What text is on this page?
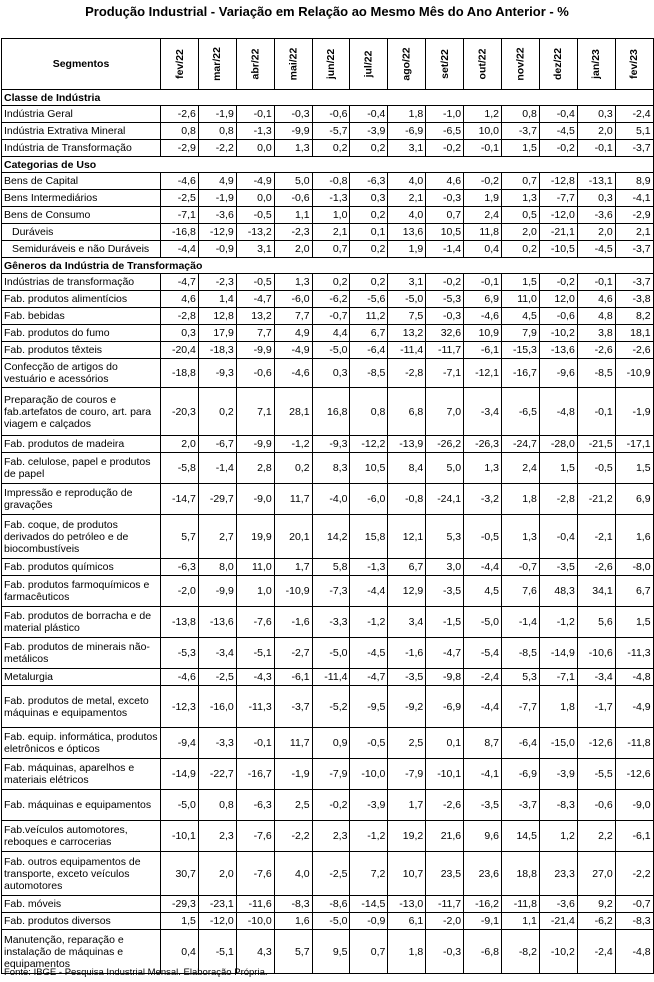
Produção Industrial - Variação em Relação ao Mesmo Mês do Ano Anterior - %
Segmentos	fev/22	mar/22	abr/22	mai/22	jun/22	jul/22	ago/22	set/22	out/22	nov/22	dez/22	jan/23	fev/23
Classe de Indústria													
Indústria Geral	-2,6	-1,9	-0,1	-0,3	-0,6	-0,4	1,8	-1,0	1,2	0,8	-0,4	0,3	-2,4
Indústria Extrativa Mineral	0,8	0,8	-1,3	-9,9	-5,7	-3,9	-6,9	-6,5	10,0	-3,7	-4,5	2,0	5,1
Indústria de Transformação	-2,9	-2,2	0,0	1,3	0,2	0,2	3,1	-0,2	-0,1	1,5	-0,2	-0,1	-3,7
Categorias de Uso													
Bens de Capital	-4,6	4,9	-4,9	5,0	-0,8	-6,3	4,0	4,6	-0,2	0,7	-12,8	-13,1	8,9
Bens Intermediários	-2,5	-1,9	0,0	-0,6	-1,3	0,3	2,1	-0,3	1,9	1,3	-7,7	0,3	-4,1
Bens de Consumo	-7,1	-3,6	-0,5	1,1	1,0	0,2	4,0	0,7	2,4	0,5	-12,0	-3,6	-2,9
Duráveis	-16,8	-12,9	-13,2	-2,3	2,1	0,1	13,6	10,5	11,8	2,0	-21,1	2,0	2,1
Semiduráveis e não Duráveis	-4,4	-0,9	3,1	2,0	0,7	0,2	1,9	-1,4	0,4	0,2	-10,5	-4,5	-3,7
Gêneros da Indústria de Transformação													
Indústrias de transformação	-4,7	-2,3	-0,5	1,3	0,2	0,2	3,1	-0,2	-0,1	1,5	-0,2	-0,1	-3,7
Fab. produtos alimentícios	4,6	1,4	-4,7	-6,0	-6,2	-5,6	-5,0	-5,3	6,9	11,0	12,0	4,6	-3,8
Fab. bebidas	-2,8	12,8	13,2	7,7	-0,7	11,2	7,5	-0,3	-4,6	4,5	-0,6	4,8	8,2
Fab. produtos do fumo	0,3	17,9	7,7	4,9	4,4	6,7	13,2	32,6	10,9	7,9	-10,2	3,8	18,1
Fab. produtos têxteis	-20,4	-18,3	-9,9	-4,9	-5,0	-6,4	-11,4	-11,7	-6,1	-15,3	-13,6	-2,6	-2,6
Confecção de artigos do vestuário e acessórios	-18,8	-9,3	-0,6	-4,6	0,3	-8,5	-2,8	-7,1	-12,1	-16,7	-9,6	-8,5	-10,9
Preparação de couros e fab.artefatos de couro, art. para viagem e calçados	-20,3	0,2	7,1	28,1	16,8	0,8	6,8	7,0	-3,4	-6,5	-4,8	-0,1	-1,9
Fab. produtos de madeira	2,0	-6,7	-9,9	-1,2	-9,3	-12,2	-13,9	-26,2	-26,3	-24,7	-28,0	-21,5	-17,1
Fab. celulose, papel e produtos de papel	-5,8	-1,4	2,8	0,2	8,3	10,5	8,4	5,0	1,3	2,4	1,5	-0,5	1,5
Impressão e reprodução de gravações	-14,7	-29,7	-9,0	11,7	-4,0	-6,0	-0,8	-24,1	-3,2	1,8	-2,8	-21,2	6,9
Fab. coque, de produtos derivados do petróleo e de biocombustíveis	5,7	2,7	19,9	20,1	14,2	15,8	12,1	5,3	-0,5	1,3	-0,4	-2,1	1,6
Fab. produtos químicos	-6,3	8,0	11,0	1,7	5,8	-1,3	6,7	3,0	-4,4	-0,7	-3,5	-2,6	-8,0
Fab. produtos farmoquímicos e farmacêuticos	-2,0	-9,9	1,0	-10,9	-7,3	-4,4	12,9	-3,5	4,5	7,6	48,3	34,1	6,7
Fab. produtos de borracha e de material plástico	-13,8	-13,6	-7,6	-1,6	-3,3	-1,2	3,4	-1,5	-5,0	-1,4	-1,2	5,6	1,5
Fab. produtos de minerais não-metálicos	-5,3	-3,4	-5,1	-2,7	-5,0	-4,5	-1,6	-4,7	-5,4	-8,5	-14,9	-10,6	-11,3
Metalurgia	-4,6	-2,5	-4,3	-6,1	-11,4	-4,7	-3,5	-9,8	-2,4	5,3	-7,1	-3,4	-4,8
Fab. produtos de metal, exceto máquinas e equipamentos	-12,3	-16,0	-11,3	-3,7	-5,2	-9,5	-9,2	-6,9	-4,4	-7,7	1,8	-1,7	-4,9
Fab. equip. informática, produtos eletrônicos e ópticos	-9,4	-3,3	-0,1	11,7	0,9	-0,5	2,5	0,1	8,7	-6,4	-15,0	-12,6	-11,8
Fab. máquinas, aparelhos e materiais elétricos	-14,9	-22,7	-16,7	-1,9	-7,9	-10,0	-7,9	-10,1	-4,1	-6,9	-3,9	-5,5	-12,6
Fab. máquinas e equipamentos	-5,0	0,8	-6,3	2,5	-0,2	-3,9	1,7	-2,6	-3,5	-3,7	-8,3	-0,6	-9,0
Fab.veículos automotores, reboques e carrocerias	-10,1	2,3	-7,6	-2,2	2,3	-1,2	19,2	21,6	9,6	14,5	1,2	2,2	-6,1
Fab. outros equipamentos de transporte, exceto veículos automotores	30,7	2,0	-7,6	4,0	-2,5	7,2	10,7	23,5	23,6	18,8	23,3	27,0	-2,2
Fab. móveis	-29,3	-23,1	-11,6	-8,3	-8,6	-14,5	-13,0	-11,7	-16,2	-11,8	-3,6	9,2	-0,7
Fab. produtos diversos	1,5	-12,0	-10,0	1,6	-5,0	-0,9	6,1	-2,0	-9,1	1,1	-21,4	-6,2	-8,3
Manutenção, reparação e instalação de máquinas e equipamentos	0,4	-5,1	4,3	5,7	9,5	0,7	1,8	-0,3	-6,8	-8,2	-10,2	-2,4	-4,8
Fonte: IBGE - Pesquisa Industrial Mensal. Elaboração Própria.
